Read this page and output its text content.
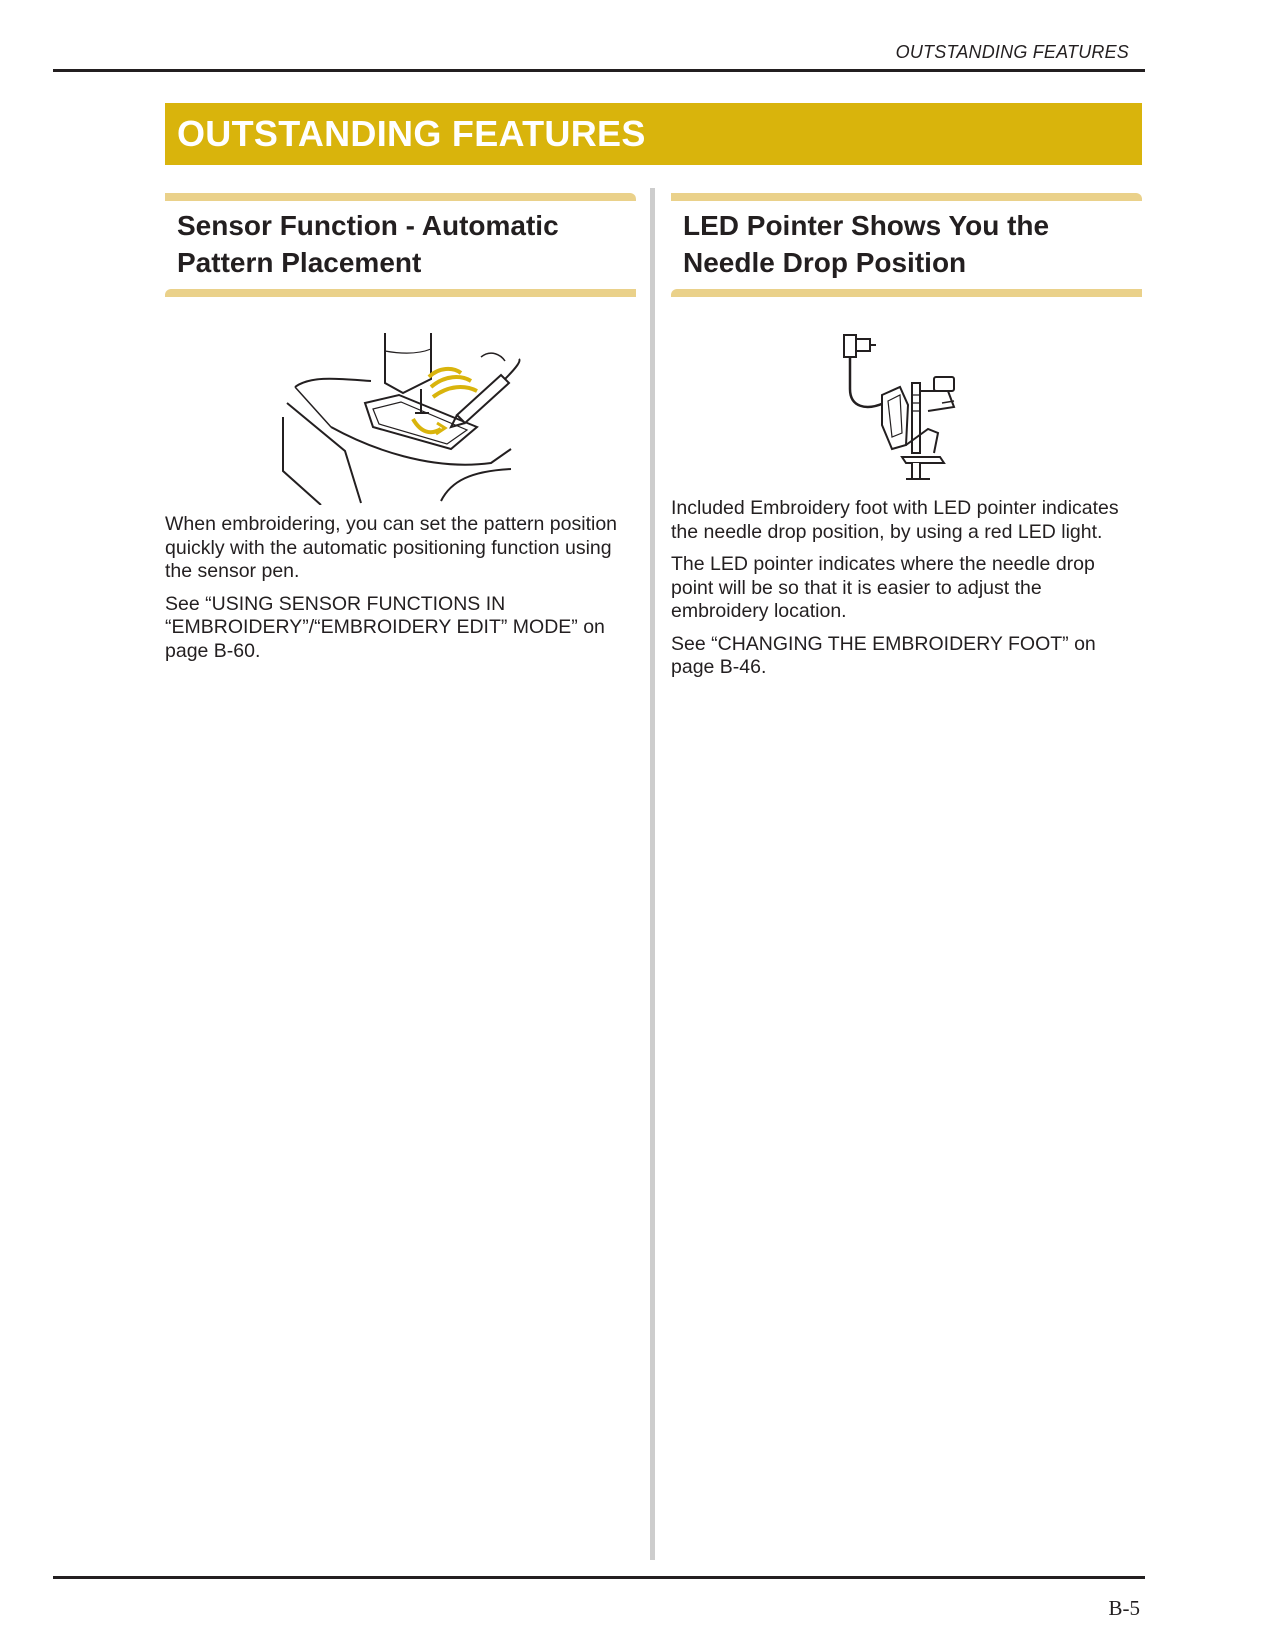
OUTSTANDING FEATURES
OUTSTANDING FEATURES
Sensor Function - Automatic Pattern Placement

When embroidering, you can set the pattern position quickly with the automatic positioning function using the sensor pen.

See “USING SENSOR FUNCTIONS IN “EMBROIDERY”/“EMBROIDERY EDIT” MODE” on page B-60.

LED Pointer Shows You the Needle Drop Position

Included Embroidery foot with LED pointer indicates the needle drop position, by using a red LED light.

The LED pointer indicates where the needle drop point will be so that it is easier to adjust the embroidery location.

See “CHANGING THE EMBROIDERY FOOT” on page B-46.

B-5
